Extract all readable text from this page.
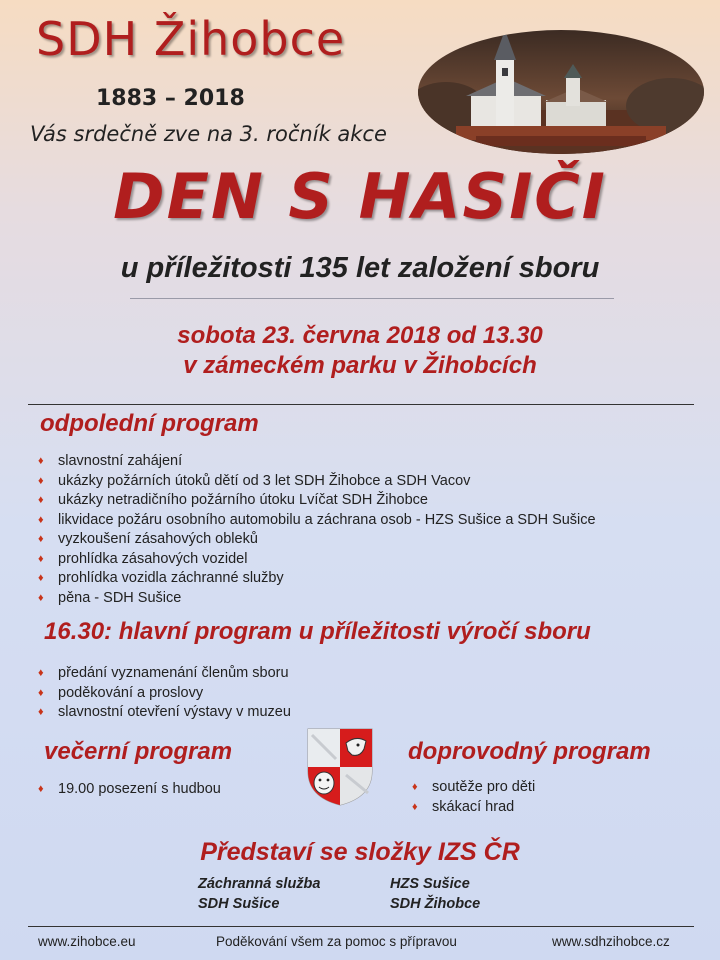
SDH Žihobce
1883 – 2018
Vás srdečně zve na 3. ročník akce
DEN S HASIČI
u příležitosti 135 let založení sboru
sobota 23. června 2018 od 13.30
v zámeckém parku v Žihobcích
odpolední program
♦ slavnostní zahájení
♦ ukázky požárních útoků dětí od 3 let SDH Žihobce a SDH Vacov
♦ ukázky netradičního požárního útoku Lvíčat SDH Žihobce
♦ likvidace požáru osobního automobilu a záchrana osob - HZS Sušice a SDH Sušice
♦ vyzkoušení zásahových obleků
♦ prohlídka zásahových vozidel
♦ prohlídka vozidla záchranné služby
♦ pěna - SDH Sušice
16.30: hlavní program u příležitosti výročí sboru
♦ předání vyznamenání členům sboru
♦ poděkování a proslovy
♦ slavnostní otevření výstavy v muzeu
večerní program
♦ 19.00 posezení s hudbou
doprovodný program
♦ soutěže pro děti
♦ skákací hrad
Představí se složky IZS ČR
Záchranná služba	HZS Sušice
SDH Sušice	SDH Žihobce
www.zihobce.eu	Poděkování všem za pomoc s přípravou	www.sdhzihobce.cz
